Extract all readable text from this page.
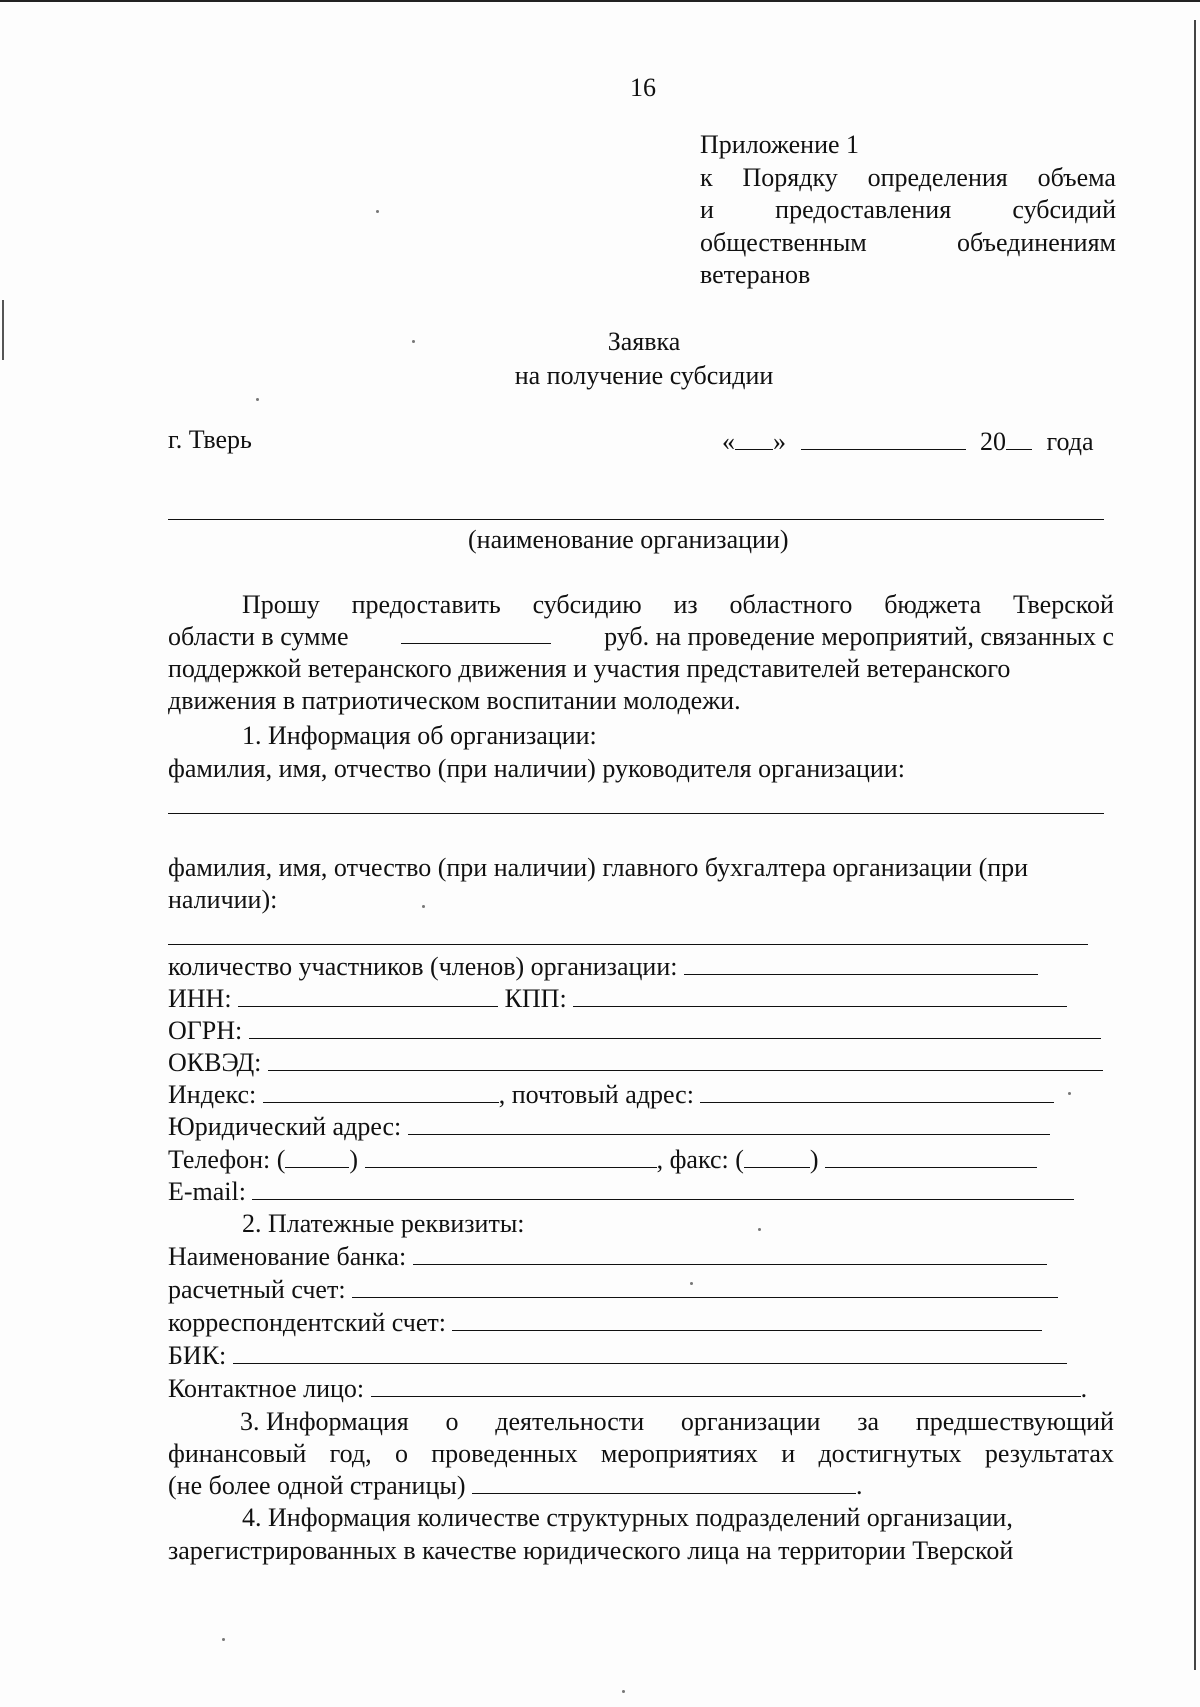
16
Приложение 1
к Порядку определения объема
и предоставления субсидий
общественным	объединениям
ветеранов
Заявка
на получение субсидии
г. Тверь	« »	20 года
(наименование организации)
Прошу предоставить субсидию из областного бюджета Тверской
области в сумме	руб. на проведение мероприятий, связанных с
поддержкой ветеранского движения и участия представителей ветеранского
движения в патриотическом воспитании молодежи.
1. Информация об организации:
фамилия, имя, отчество (при наличии) руководителя организации:
фамилия, имя, отчество (при наличии) главного бухгалтера организации (при
наличии):
количество участников (членов) организации:
ИНН:	КПП:
ОГРН:
ОКВЭД:
Индекс:	, почтовый адрес:
Юридический адрес:
Телефон: ( )	, факс: (	)
E-mail:
2. Платежные реквизиты:
Наименование банка:
расчетный счет:
корреспондентский счет:
БИК:
Контактное лицо:	.
3. Информация о деятельности организации за предшествующий
финансовый год, о проведенных мероприятиях и достигнутых результатах
(не более одной страницы)	.
4. Информация количестве структурных подразделений организации,
зарегистрированных в качестве юридического лица на территории Тверской
